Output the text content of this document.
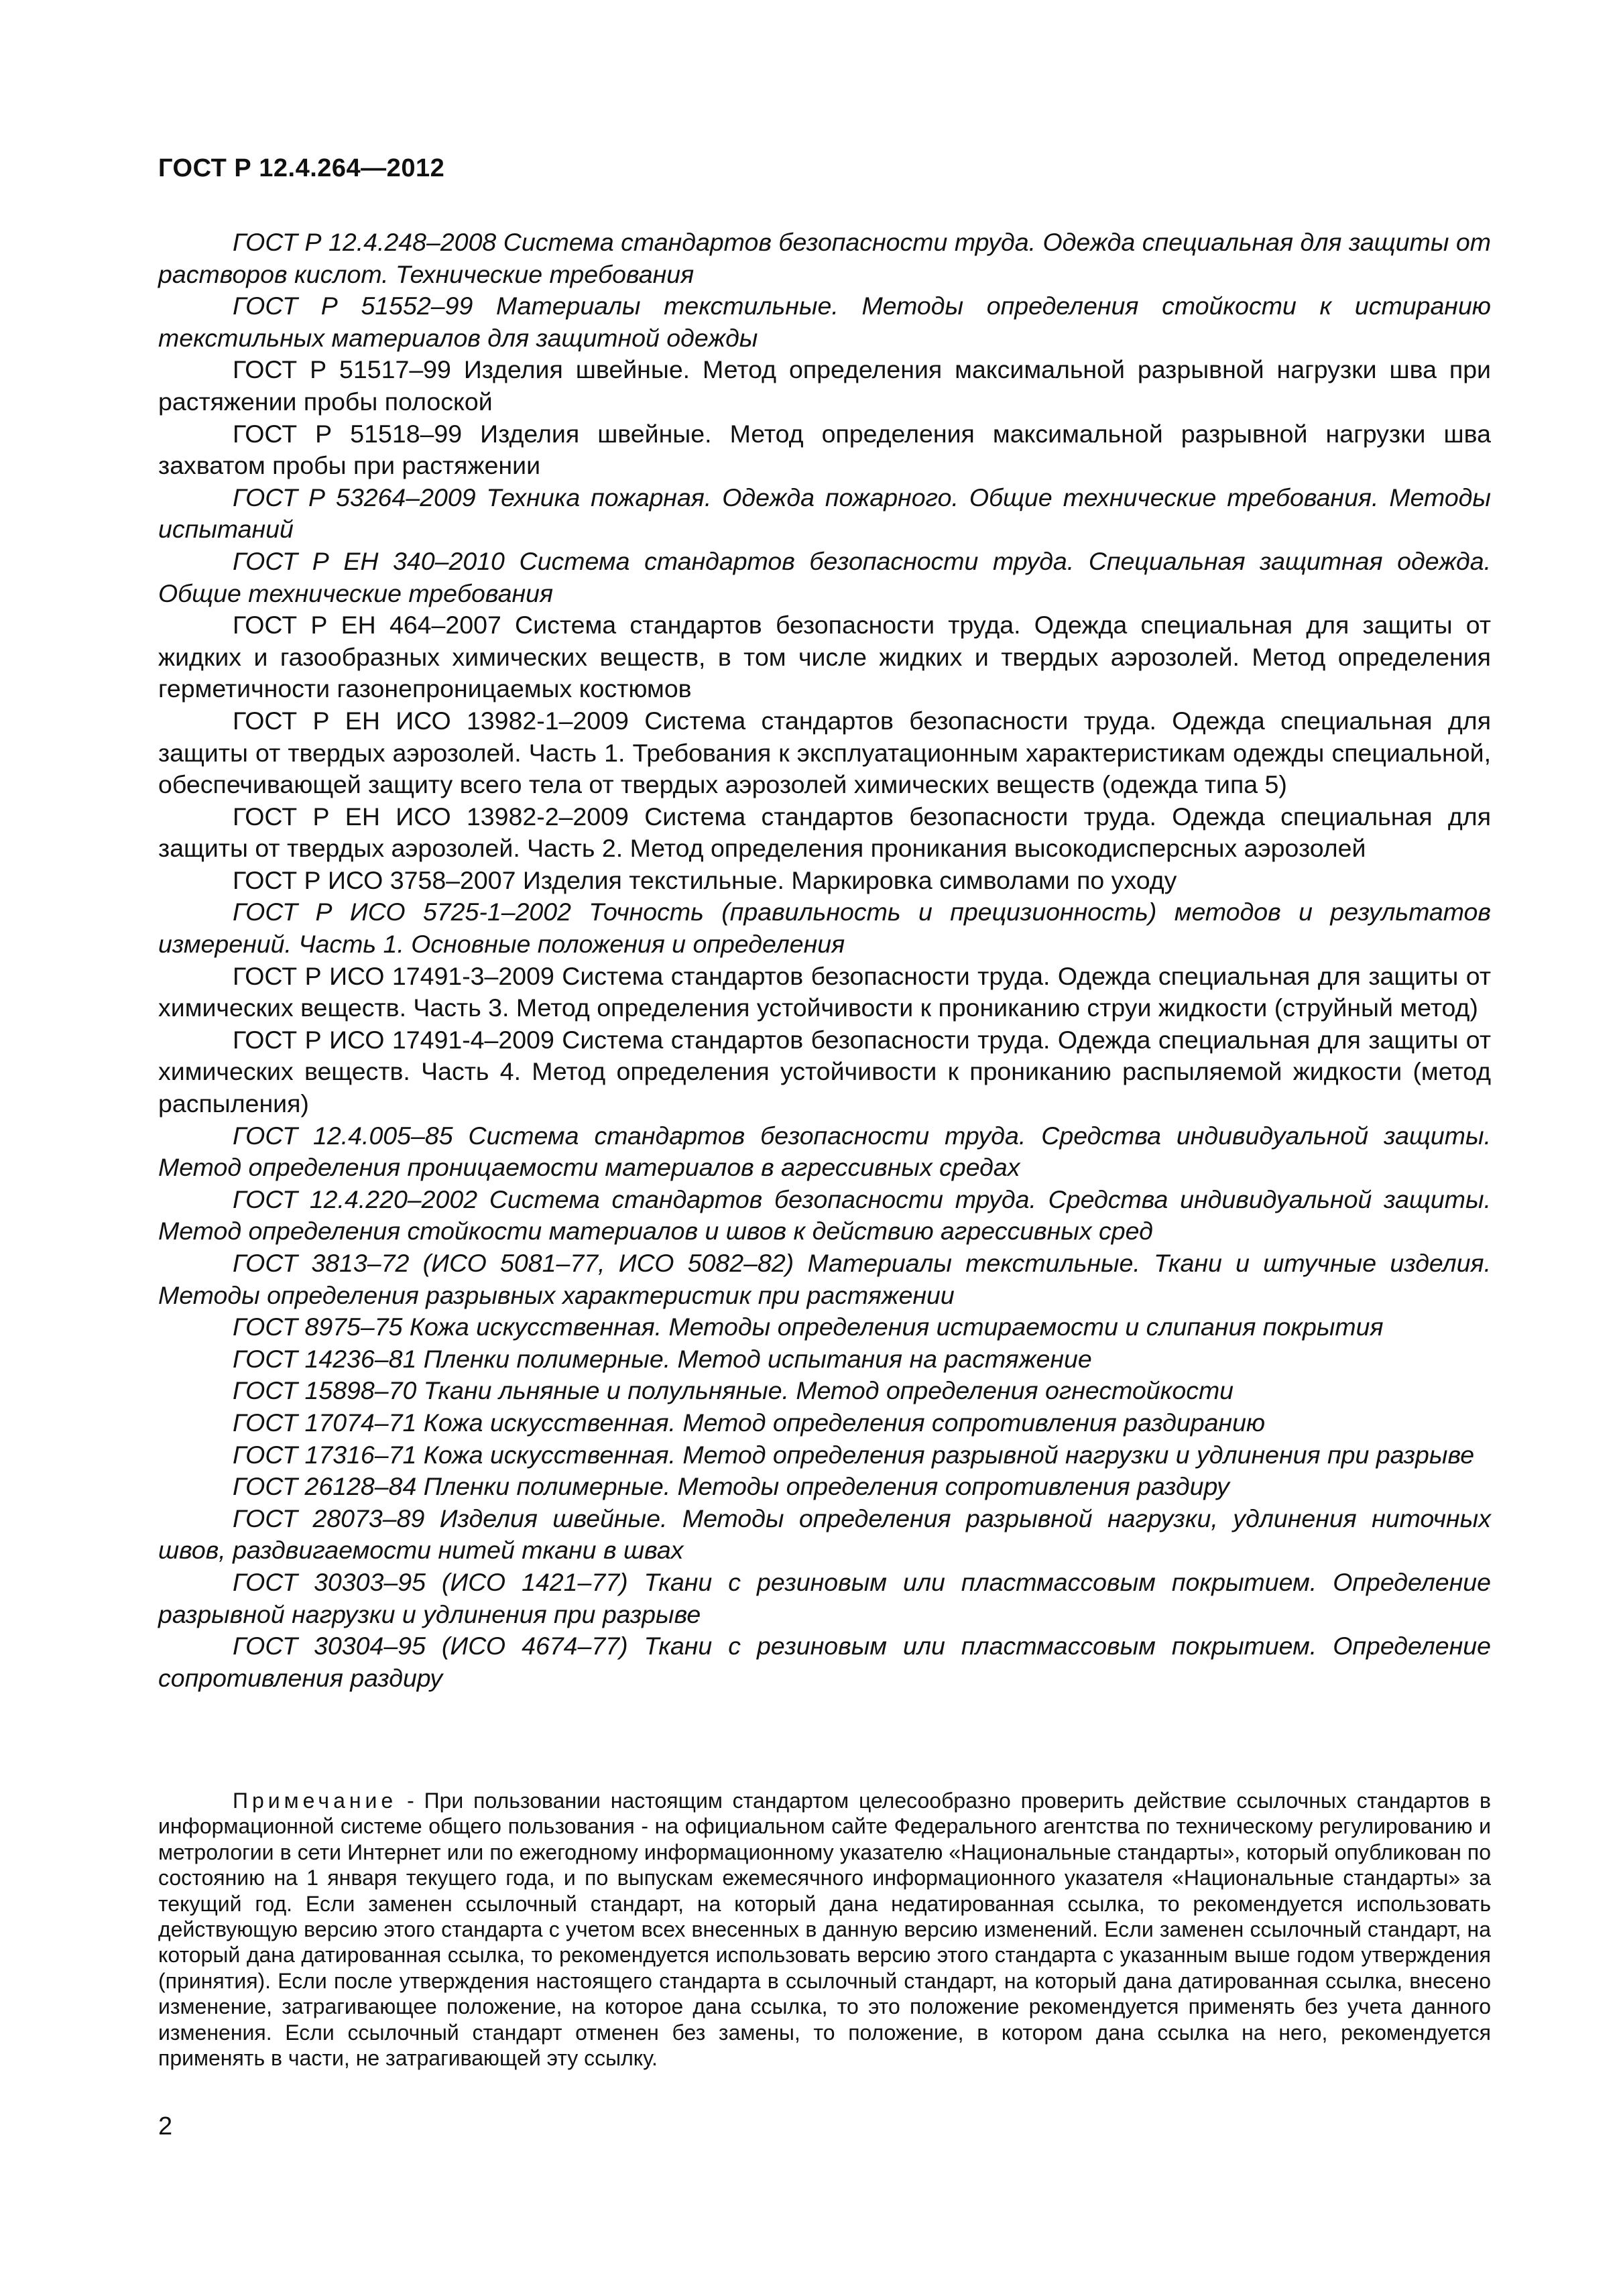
ГОСТ Р 12.4.264—2012
ГОСТ Р 12.4.248–2008 Система стандартов безопасности труда. Одежда специальная для защиты от растворов кислот. Технические требования
ГОСТ Р 51552–99 Материалы текстильные. Методы определения стойкости к истиранию текстильных материалов для защитной одежды
ГОСТ Р 51517–99 Изделия швейные. Метод определения максимальной разрывной нагрузки шва при растяжении пробы полоской
ГОСТ Р 51518–99 Изделия швейные. Метод определения максимальной разрывной нагрузки шва захватом пробы при растяжении
ГОСТ Р 53264–2009 Техника пожарная. Одежда пожарного. Общие технические требования. Методы испытаний
ГОСТ Р ЕН 340–2010 Система стандартов безопасности труда. Специальная защитная одежда. Общие технические требования
ГОСТ Р ЕН 464–2007 Система стандартов безопасности труда. Одежда специальная для защиты от жидких и газообразных химических веществ, в том числе жидких и твердых аэрозолей. Метод определения герметичности газонепроницаемых костюмов
ГОСТ Р ЕН ИСО 13982-1–2009 Система стандартов безопасности труда. Одежда специальная для защиты от твердых аэрозолей. Часть 1. Требования к эксплуатационным характеристикам одежды специальной, обеспечивающей защиту всего тела от твердых аэрозолей химических веществ (одежда типа 5)
ГОСТ Р ЕН ИСО 13982-2–2009 Система стандартов безопасности труда. Одежда специальная для защиты от твердых аэрозолей. Часть 2. Метод определения проникания высокодисперсных аэрозолей
ГОСТ Р ИСО 3758–2007 Изделия текстильные. Маркировка символами по уходу
ГОСТ Р ИСО 5725-1–2002 Точность (правильность и прецизионность) методов и результатов измерений. Часть 1. Основные положения и определения
ГОСТ Р ИСО 17491-3–2009 Система стандартов безопасности труда. Одежда специальная для защиты от химических веществ. Часть 3. Метод определения устойчивости к прониканию струи жидкости (струйный метод)
ГОСТ Р ИСО 17491-4–2009 Система стандартов безопасности труда. Одежда специальная для защиты от химических веществ. Часть 4. Метод определения устойчивости к прониканию распыляемой жидкости (метод распыления)
ГОСТ 12.4.005–85 Система стандартов безопасности труда. Средства индивидуальной защиты. Метод определения проницаемости материалов в агрессивных средах
ГОСТ 12.4.220–2002 Система стандартов безопасности труда. Средства индивидуальной защиты. Метод определения стойкости материалов и швов к действию агрессивных сред
ГОСТ 3813–72 (ИСО 5081–77, ИСО 5082–82) Материалы текстильные. Ткани и штучные изделия. Методы определения разрывных характеристик при растяжении
ГОСТ 8975–75 Кожа искусственная. Методы определения истираемости и слипания покрытия
ГОСТ 14236–81 Пленки полимерные. Метод испытания на растяжение
ГОСТ 15898–70 Ткани льняные и полульняные. Метод определения огнестойкости
ГОСТ 17074–71 Кожа искусственная. Метод определения сопротивления раздиранию
ГОСТ 17316–71 Кожа искусственная. Метод определения разрывной нагрузки и удлинения при разрыве
ГОСТ 26128–84 Пленки полимерные. Методы определения сопротивления раздиру
ГОСТ 28073–89 Изделия швейные. Методы определения разрывной нагрузки, удлинения ниточных швов, раздвигаемости нитей ткани в швах
ГОСТ 30303–95 (ИСО 1421–77) Ткани с резиновым или пластмассовым покрытием. Определение разрывной нагрузки и удлинения при разрыве
ГОСТ 30304–95 (ИСО 4674–77) Ткани с резиновым или пластмассовым покрытием. Определение сопротивления раздиру

Примечание - При пользовании настоящим стандартом целесообразно проверить действие ссылочных стандартов в информационной системе общего пользования - на официальном сайте Федерального агентства по техническому регулированию и метрологии в сети Интернет или по ежегодному информационному указателю «Национальные стандарты», который опубликован по состоянию на 1 января текущего года, и по выпускам ежемесячного информационного указателя «Национальные стандарты» за текущий год. Если заменен ссылочный стандарт, на который дана недатированная ссылка, то рекомендуется использовать действующую версию этого стандарта с учетом всех внесенных в данную версию изменений. Если заменен ссылочный стандарт, на который дана датированная ссылка, то рекомендуется использовать версию этого стандарта с указанным выше годом утверждения (принятия). Если после утверждения настоящего стандарта в ссылочный стандарт, на который дана датированная ссылка, внесено изменение, затрагивающее положение, на которое дана ссылка, то это положение рекомендуется применять без учета данного изменения. Если ссылочный стандарт отменен без замены, то положение, в котором дана ссылка на него, рекомендуется применять в части, не затрагивающей эту ссылку.

2
